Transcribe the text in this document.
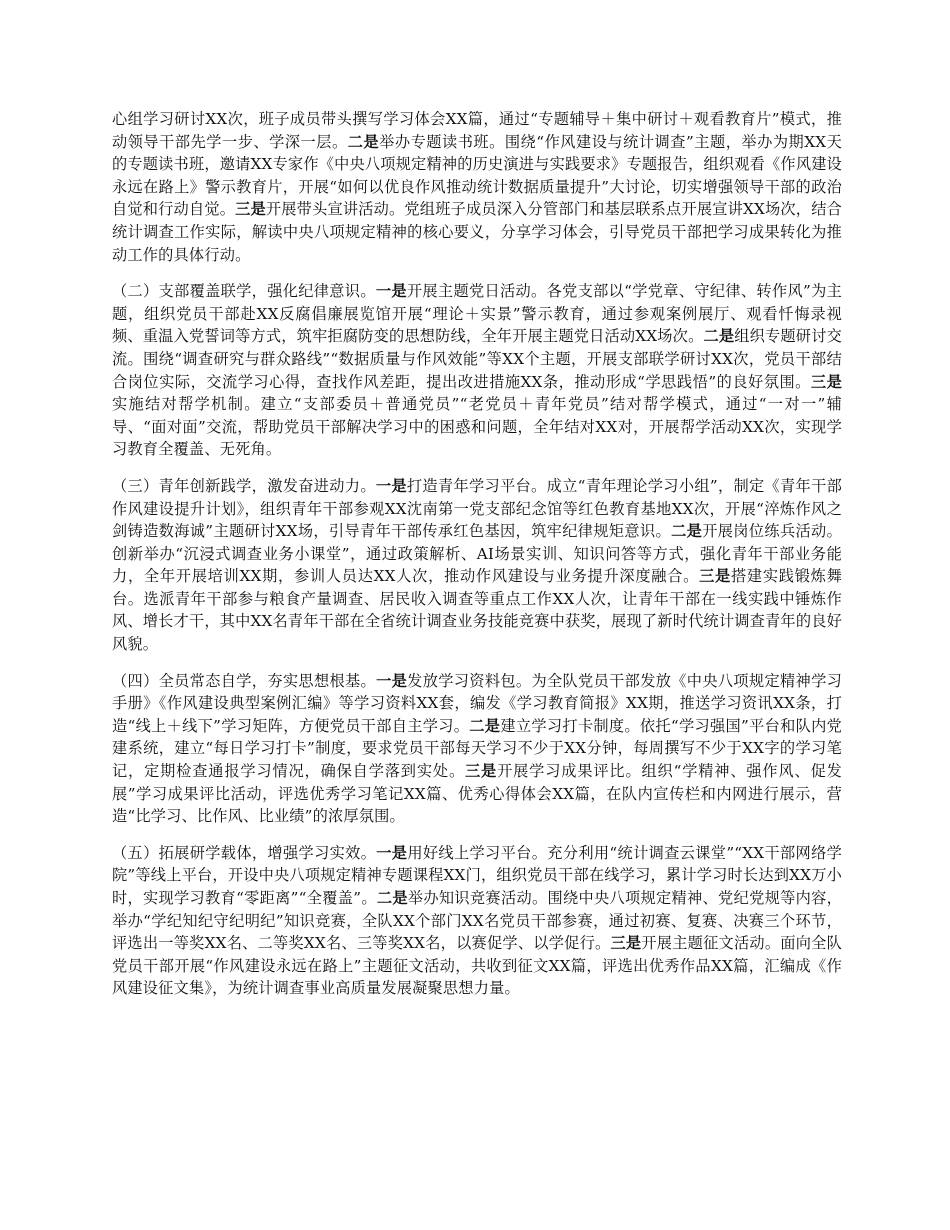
心组学习研讨XX次，班子成员带头撰写学习体会XX篇，通过“专题辅导＋集中研讨＋观看教育片”模式，推动领导干部先学一步、学深一层。二是举办专题读书班。围绕“作风建设与统计调查”主题，举办为期XX天的专题读书班，邀请XX专家作《中央八项规定精神的历史演进与实践要求》专题报告，组织观看《作风建设永远在路上》警示教育片，开展“如何以优良作风推动统计数据质量提升”大讨论，切实增强领导干部的政治自觉和行动自觉。三是开展带头宣讲活动。党组班子成员深入分管部门和基层联系点开展宣讲XX场次，结合统计调查工作实际，解读中央八项规定精神的核心要义，分享学习体会，引导党员干部把学习成果转化为推动工作的具体行动。

（二）支部覆盖联学，强化纪律意识。一是开展主题党日活动。各党支部以“学党章、守纪律、转作风”为主题，组织党员干部赴XX反腐倡廉展览馆开展“理论＋实景”警示教育，通过参观案例展厅、观看忏悔录视频、重温入党誓词等方式，筑牢拒腐防变的思想防线，全年开展主题党日活动XX场次。二是组织专题研讨交流。围绕“调查研究与群众路线”“数据质量与作风效能”等XX个主题，开展支部联学研讨XX次，党员干部结合岗位实际，交流学习心得，查找作风差距，提出改进措施XX条，推动形成“学思践悟”的良好氛围。三是实施结对帮学机制。建立“支部委员＋普通党员”“老党员＋青年党员”结对帮学模式，通过“一对一”辅导、“面对面”交流，帮助党员干部解决学习中的困惑和问题，全年结对XX对，开展帮学活动XX次，实现学习教育全覆盖、无死角。

（三）青年创新践学，激发奋进动力。一是打造青年学习平台。成立“青年理论学习小组”，制定《青年干部作风建设提升计划》，组织青年干部参观XX沈南第一党支部纪念馆等红色教育基地XX次，开展“淬炼作风之剑铸造数海诚”主题研讨XX场，引导青年干部传承红色基因，筑牢纪律规矩意识。二是开展岗位练兵活动。创新举办“沉浸式调查业务小课堂”，通过政策解析、AI场景实训、知识问答等方式，强化青年干部业务能力，全年开展培训XX期，参训人员达XX人次，推动作风建设与业务提升深度融合。三是搭建实践锻炼舞台。选派青年干部参与粮食产量调查、居民收入调查等重点工作XX人次，让青年干部在一线实践中锤炼作风、增长才干，其中XX名青年干部在全省统计调查业务技能竞赛中获奖，展现了新时代统计调查青年的良好风貌。

（四）全员常态自学，夯实思想根基。一是发放学习资料包。为全队党员干部发放《中央八项规定精神学习手册》《作风建设典型案例汇编》等学习资料XX套，编发《学习教育简报》XX期，推送学习资讯XX条，打造“线上＋线下”学习矩阵，方便党员干部自主学习。二是建立学习打卡制度。依托“学习强国”平台和队内党建系统，建立“每日学习打卡”制度，要求党员干部每天学习不少于XX分钟，每周撰写不少于XX字的学习笔记，定期检查通报学习情况，确保自学落到实处。三是开展学习成果评比。组织“学精神、强作风、促发展”学习成果评比活动，评选优秀学习笔记XX篇、优秀心得体会XX篇，在队内宣传栏和内网进行展示，营造“比学习、比作风、比业绩”的浓厚氛围。

（五）拓展研学载体，增强学习实效。一是用好线上学习平台。充分利用“统计调查云课堂”“XX干部网络学院”等线上平台，开设中央八项规定精神专题课程XX门，组织党员干部在线学习，累计学习时长达到XX万小时，实现学习教育“零距离”“全覆盖”。二是举办知识竞赛活动。围绕中央八项规定精神、党纪党规等内容，举办“学纪知纪守纪明纪”知识竞赛，全队XX个部门XX名党员干部参赛，通过初赛、复赛、决赛三个环节，评选出一等奖XX名、二等奖XX名、三等奖XX名，以赛促学、以学促行。三是开展主题征文活动。面向全队党员干部开展“作风建设永远在路上”主题征文活动，共收到征文XX篇，评选出优秀作品XX篇，汇编成《作风建设征文集》，为统计调查事业高质量发展凝聚思想力量。
